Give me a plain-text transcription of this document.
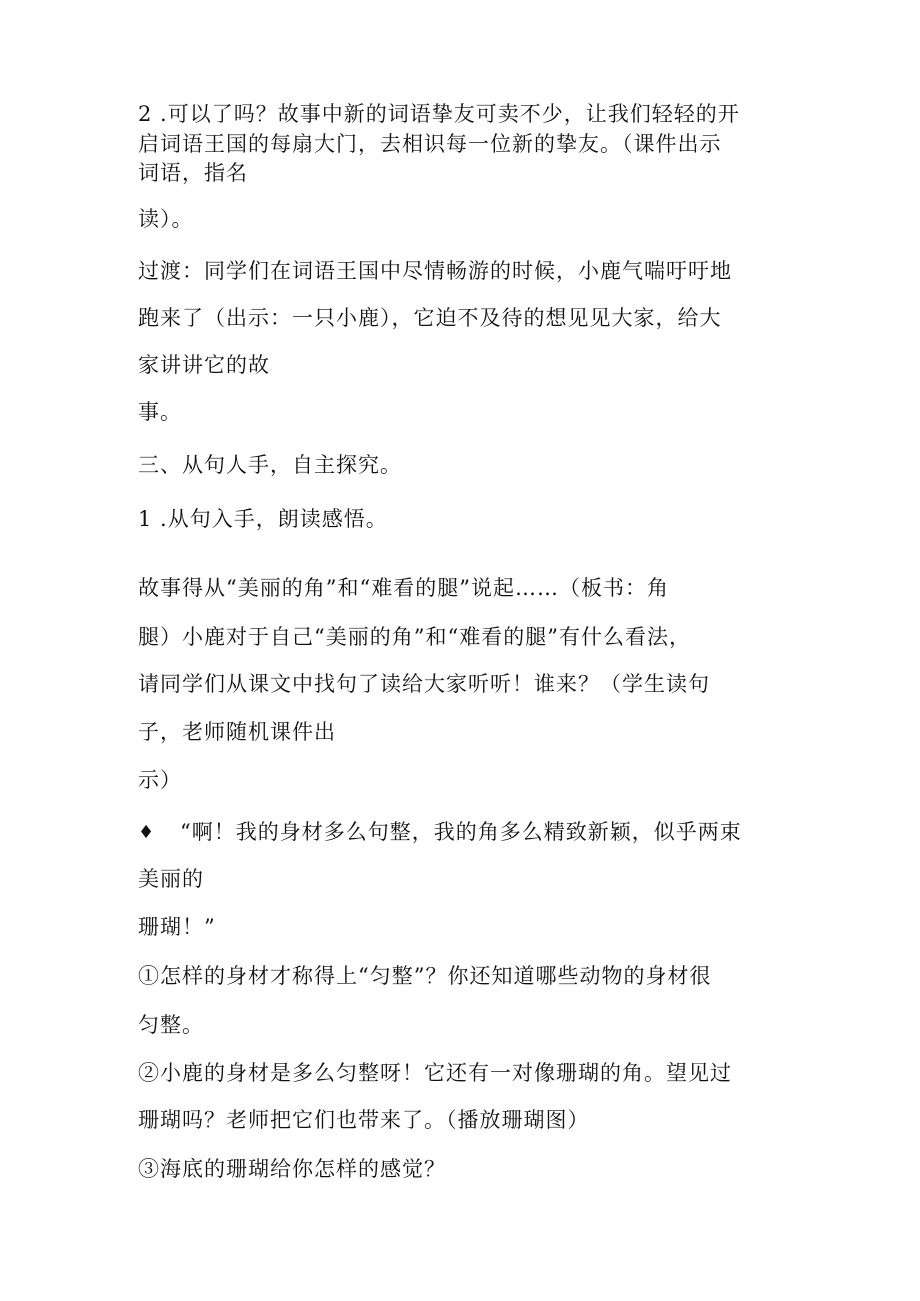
2 .可以了吗？故事中新的词语挚友可卖不少，让我们轻轻的开
启词语王国的每扇大门，去相识每一位新的挚友。（课件出示
词语，指名
读）。
过渡：同学们在词语王国中尽情畅游的时候，小鹿气喘吁吁地
跑来了（出示：一只小鹿），它迫不及待的想见见大家，给大
家讲讲它的故
事。
三、从句人手，自主探究。
1 .从句入手，朗读感悟。
故事得从“美丽的角”和“难看的腿”说起……（板书：角
腿）小鹿对于自己“美丽的角”和“难看的腿”有什么看法，
请同学们从课文中找句了读给大家听听！谁来？（学生读句
子，老师随机课件出
示）
♦ “啊！我的身材多么句整，我的角多么精致新颖，似乎两束
美丽的
珊瑚！”
①怎样的身材才称得上“匀整”？你还知道哪些动物的身材很
匀整。
②小鹿的身材是多么匀整呀！它还有一对像珊瑚的角。望见过
珊瑚吗？老师把它们也带来了。（播放珊瑚图）
③海底的珊瑚给你怎样的感觉？
